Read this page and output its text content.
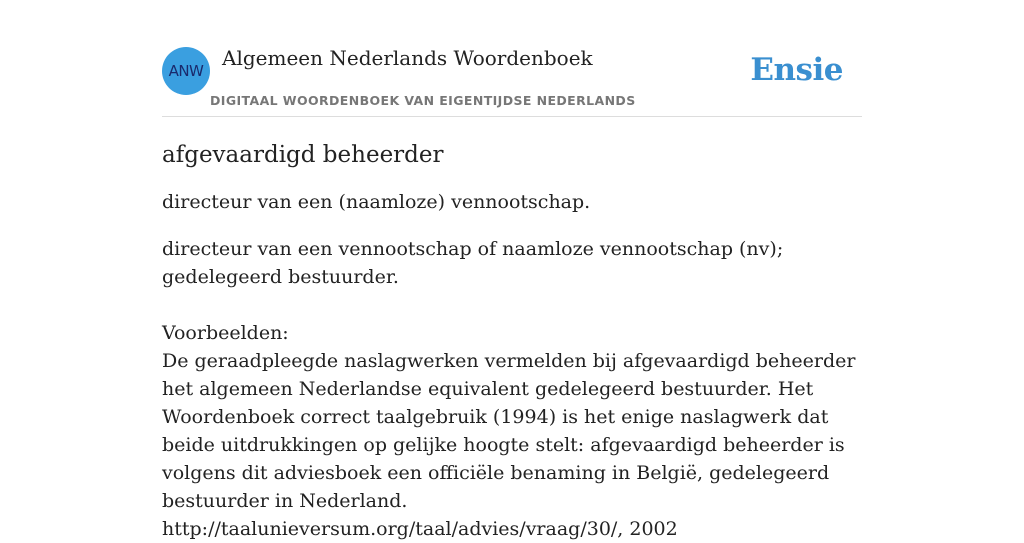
ANW
Algemeen Nederlands Woordenboek
DIGITAAL WOORDENBOEK VAN EIGENTIJDSE NEDERLANDS
Ensie
afgevaardigd beheerder

directeur van een (naamloze) vennootschap.

directeur van een vennootschap of naamloze vennootschap (nv); gedelegeerd bestuurder.

Voorbeelden:
De geraadpleegde naslagwerken vermelden bij afgevaardigd beheerder het algemeen Nederlandse equivalent gedelegeerd bestuurder. Het Woordenboek correct taalgebruik (1994) is het enige naslagwerk dat beide uitdrukkingen op gelijke hoogte stelt: afgevaardigd beheerder is volgens dit adviesboek een officiële benaming in België, gedelegeerd bestuurder in Nederland.
http://taalunieversum.org/taal/advies/vraag/30/, 2002
